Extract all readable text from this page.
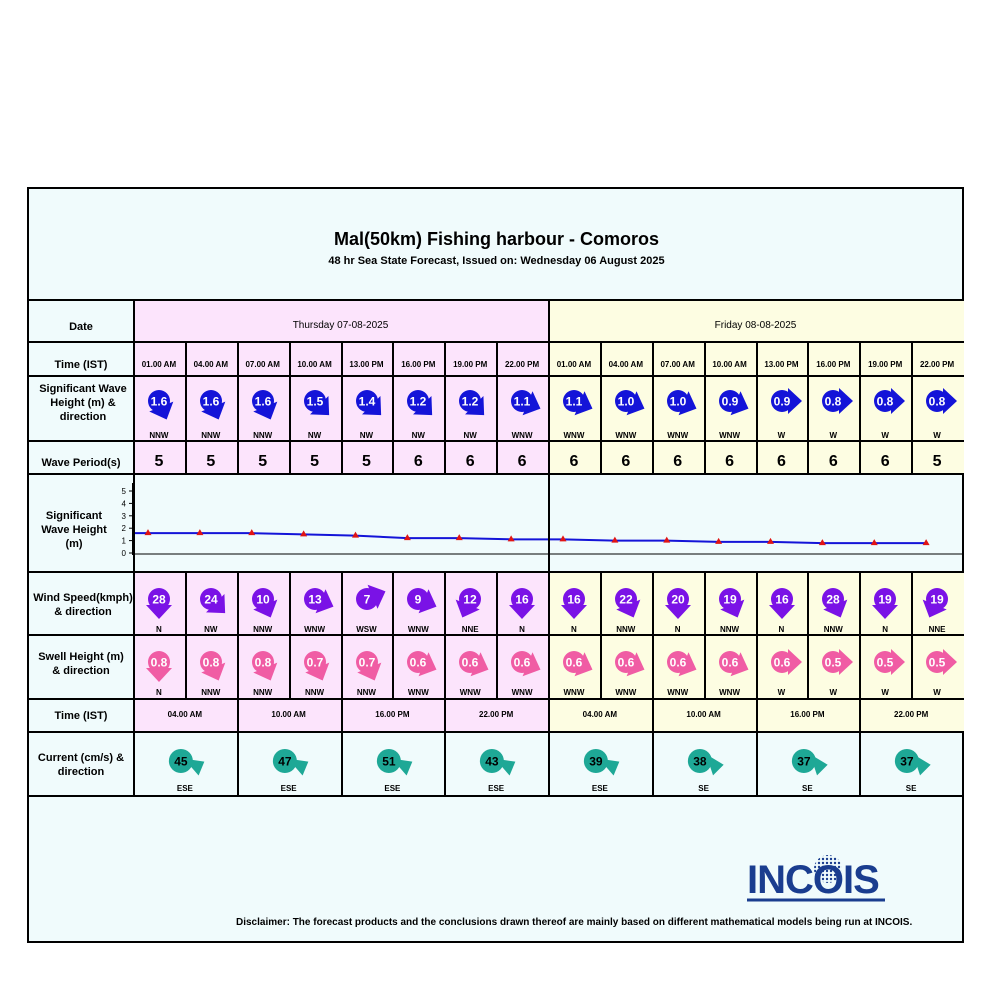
Mal(50km) Fishing harbour - Comoros
48 hr Sea State Forecast, Issued on: Wednesday 06 August 2025
Date
Time (IST)
Significant Wave Height (m) & direction
Wave Period(s)
Significant Wave Height (m)
Wind Speed(kmph) & direction
Swell Height (m) & direction
Time (IST)
Current (cm/s) & direction
Thursday 07-08-2025	Friday 08-08-2025
01.00 AM
1.6
NNW
5
28
N
0.8
N
04.00 AM
1.6
NNW
5
24
NW
0.8
NNW
07.00 AM
1.6
NNW
5
10
NNW
0.8
NNW
10.00 AM
1.5
NW
5
13
WNW
0.7
NNW
13.00 PM
1.4
NW
5
7
WSW
0.7
NNW
16.00 PM
1.2
NW
6
9
WNW
0.6
WNW
19.00 PM
1.2
NW
6
12
NNE
0.6
WNW
22.00 PM
1.1
WNW
6
16
N
0.6
WNW
01.00 AM
1.1
WNW
6
16
N
0.6
WNW
04.00 AM
1.0
WNW
6
22
NNW
0.6
WNW
07.00 AM
1.0
WNW
6
20
N
0.6
WNW
10.00 AM
0.9
WNW
6
19
NNW
0.6
WNW
13.00 PM
0.9
W
6
16
N
0.6
W
16.00 PM
0.8
W
6
28
NNW
0.5
W
19.00 PM
0.8
W
6
19
N
0.5
W
22.00 PM
0.8
W
5
19
NNE
0.5
W
04.00 AM
45
ESE
10.00 AM
47
ESE
16.00 PM
51
ESE
22.00 PM
43
ESE
04.00 AM
39
ESE
10.00 AM
38
SE
16.00 PM
37
SE
22.00 PM
37
SE
0
1
2
3
4
5
INCOIS
Disclaimer: The forecast products and the conclusions drawn thereof are mainly based on different mathematical models being run at INCOIS.
